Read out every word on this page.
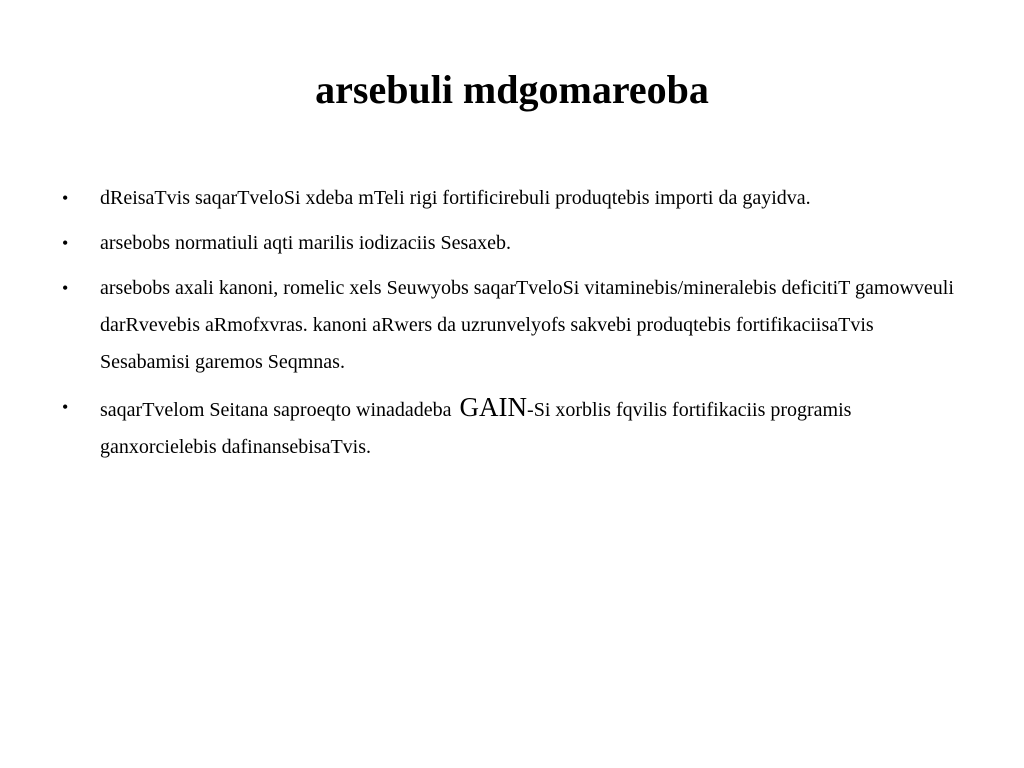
arsebuli mdgomareoba
•	dReisaTvis saqarTveloSi xdeba mTeli rigi fortificirebuli produqtebis importi da gayidva.
•	arsebobs normatiuli aqti marilis iodizaciis Sesaxeb.
•	arsebobs axali kanoni, romelic xels Seuwyobs saqarTveloSi vitaminebis/mineralebis deficitiT gamowveuli darRvevebis aRmofxvras. kanoni aRwers da uzrunvelyofs sakvebi produqtebis fortifikaciisaTvis Sesabamisi garemos Seqmnas.
•	saqarTvelom Seitana saproeqto winadadeba GAIN-Si xorblis fqvilis fortifikaciis programis ganxorcielebis dafinansebisaTvis.
